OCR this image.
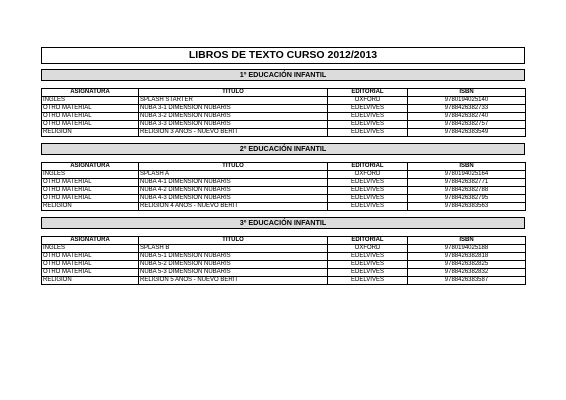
LIBROS DE TEXTO CURSO 2012/2013
1º EDUCACIÓN INFANTIL
ASIGNATURA	TÍTULO	EDITORIAL	ISBN
INGLÉS	SPLASH STARTER	OXFORD	9780194025140
OTRO MATERIAL	NUBA 3-1 DIMENSIÓN NUBARIS	EDELVIVES	9788426382733
OTRO MATERIAL	NUBA 3-2 DIMENSIÓN NUBARIS	EDELVIVES	9788426382740
OTRO MATERIAL	NUBA 3-3 DIMENSIÓN NUBARIS	EDELVIVES	9788426382757
RELIGIÓN	RELIGIÓN 3 AÑOS - NUEVO BERIT	EDELVIVES	9788426383549
2º EDUCACIÓN INFANTIL
ASIGNATURA	TÍTULO	EDITORIAL	ISBN
INGLÉS	SPLASH A	OXFORD	9780194025164
OTRO MATERIAL	NUBA 4-1 DIMENSIÓN NUBARIS	EDELVIVES	9788426382771
OTRO MATERIAL	NUBA 4-2 DIMENSIÓN NUBARIS	EDELVIVES	9788426382788
OTRO MATERIAL	NUBA 4-3 DIMENSIÓN NUBARIS	EDELVIVES	9788426382795
RELIGIÓN	RELIGIÓN 4 AÑOS - NUEVO BERIT	EDELVIVES	9788426383563
3º EDUCACIÓN INFANTIL
ASIGNATURA	TÍTULO	EDITORIAL	ISBN
INGLÉS	SPLASH B	OXFORD	9780194025188
OTRO MATERIAL	NUBA 5-1 DIMENSIÓN NUBARIS	EDELVIVES	9788426382818
OTRO MATERIAL	NUBA 5-2 DIMENSIÓN NUBARIS	EDELVIVES	9788426382825
OTRO MATERIAL	NUBA 5-3 DIMENSIÓN NUBARIS	EDELVIVES	9788426382832
RELIGIÓN	RELIGIÓN 5 AÑOS - NUEVO BERIT	EDELVIVES	9788426383587
